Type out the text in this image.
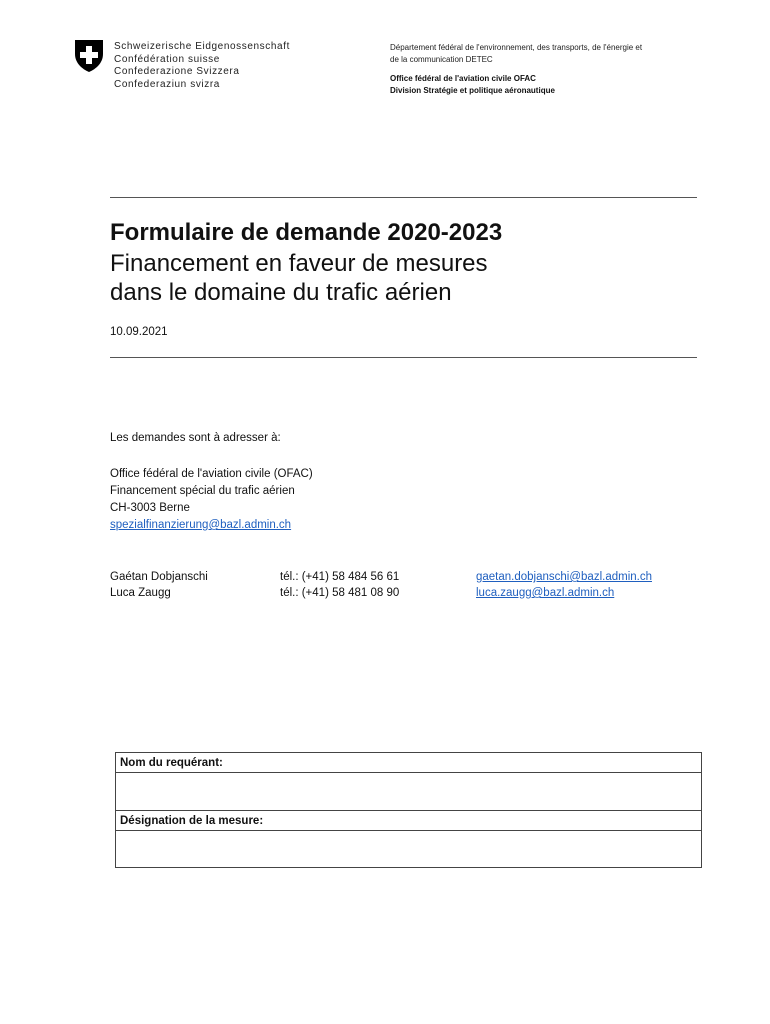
Schweizerische Eidgenossenschaft
Confédération suisse
Confederazione Svizzera
Confederaziun svizra
Département fédéral de l'environnement, des transports, de l'énergie et
de la communication DETEC
Office fédéral de l'aviation civile OFAC
Division Stratégie et politique aéronautique
Formulaire de demande 2020-2023
Financement en faveur de mesures
dans le domaine du trafic aérien
10.09.2021
Les demandes sont à adresser à:
Office fédéral de l'aviation civile (OFAC)
Financement spécial du trafic aérien
CH-3003 Berne
spezialfinanzierung@bazl.admin.ch
Gaétan Dobjanschi	tél.: (+41) 58 484 56 61	gaetan.dobjanschi@bazl.admin.ch
Luca Zaugg	tél.: (+41) 58 481 08 90	luca.zaugg@bazl.admin.ch
Nom du requérant:
Désignation de la mesure:
